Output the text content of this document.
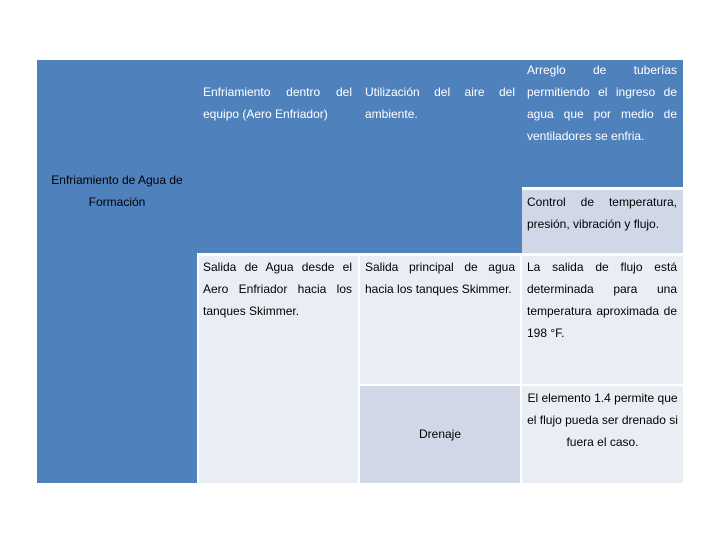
Enfriamiento de Agua de
Formación
Enfriamiento dentro del equipo (Aero Enfriador)
Utilización del aire del ambiente.
Arreglo de tuberías permitiendo el ingreso de agua que por medio de ventiladores se enfria.
Control de temperatura, presión, vibración y flujo.
Salida de Agua desde el Aero Enfriador hacia los tanques Skimmer.
Salida principal de agua hacia los tanques Skimmer.
La salida de flujo está determinada para una temperatura aproximada de 198 °F.
Drenaje
El elemento 1.4 permite que el flujo pueda ser drenado si fuera el caso.
